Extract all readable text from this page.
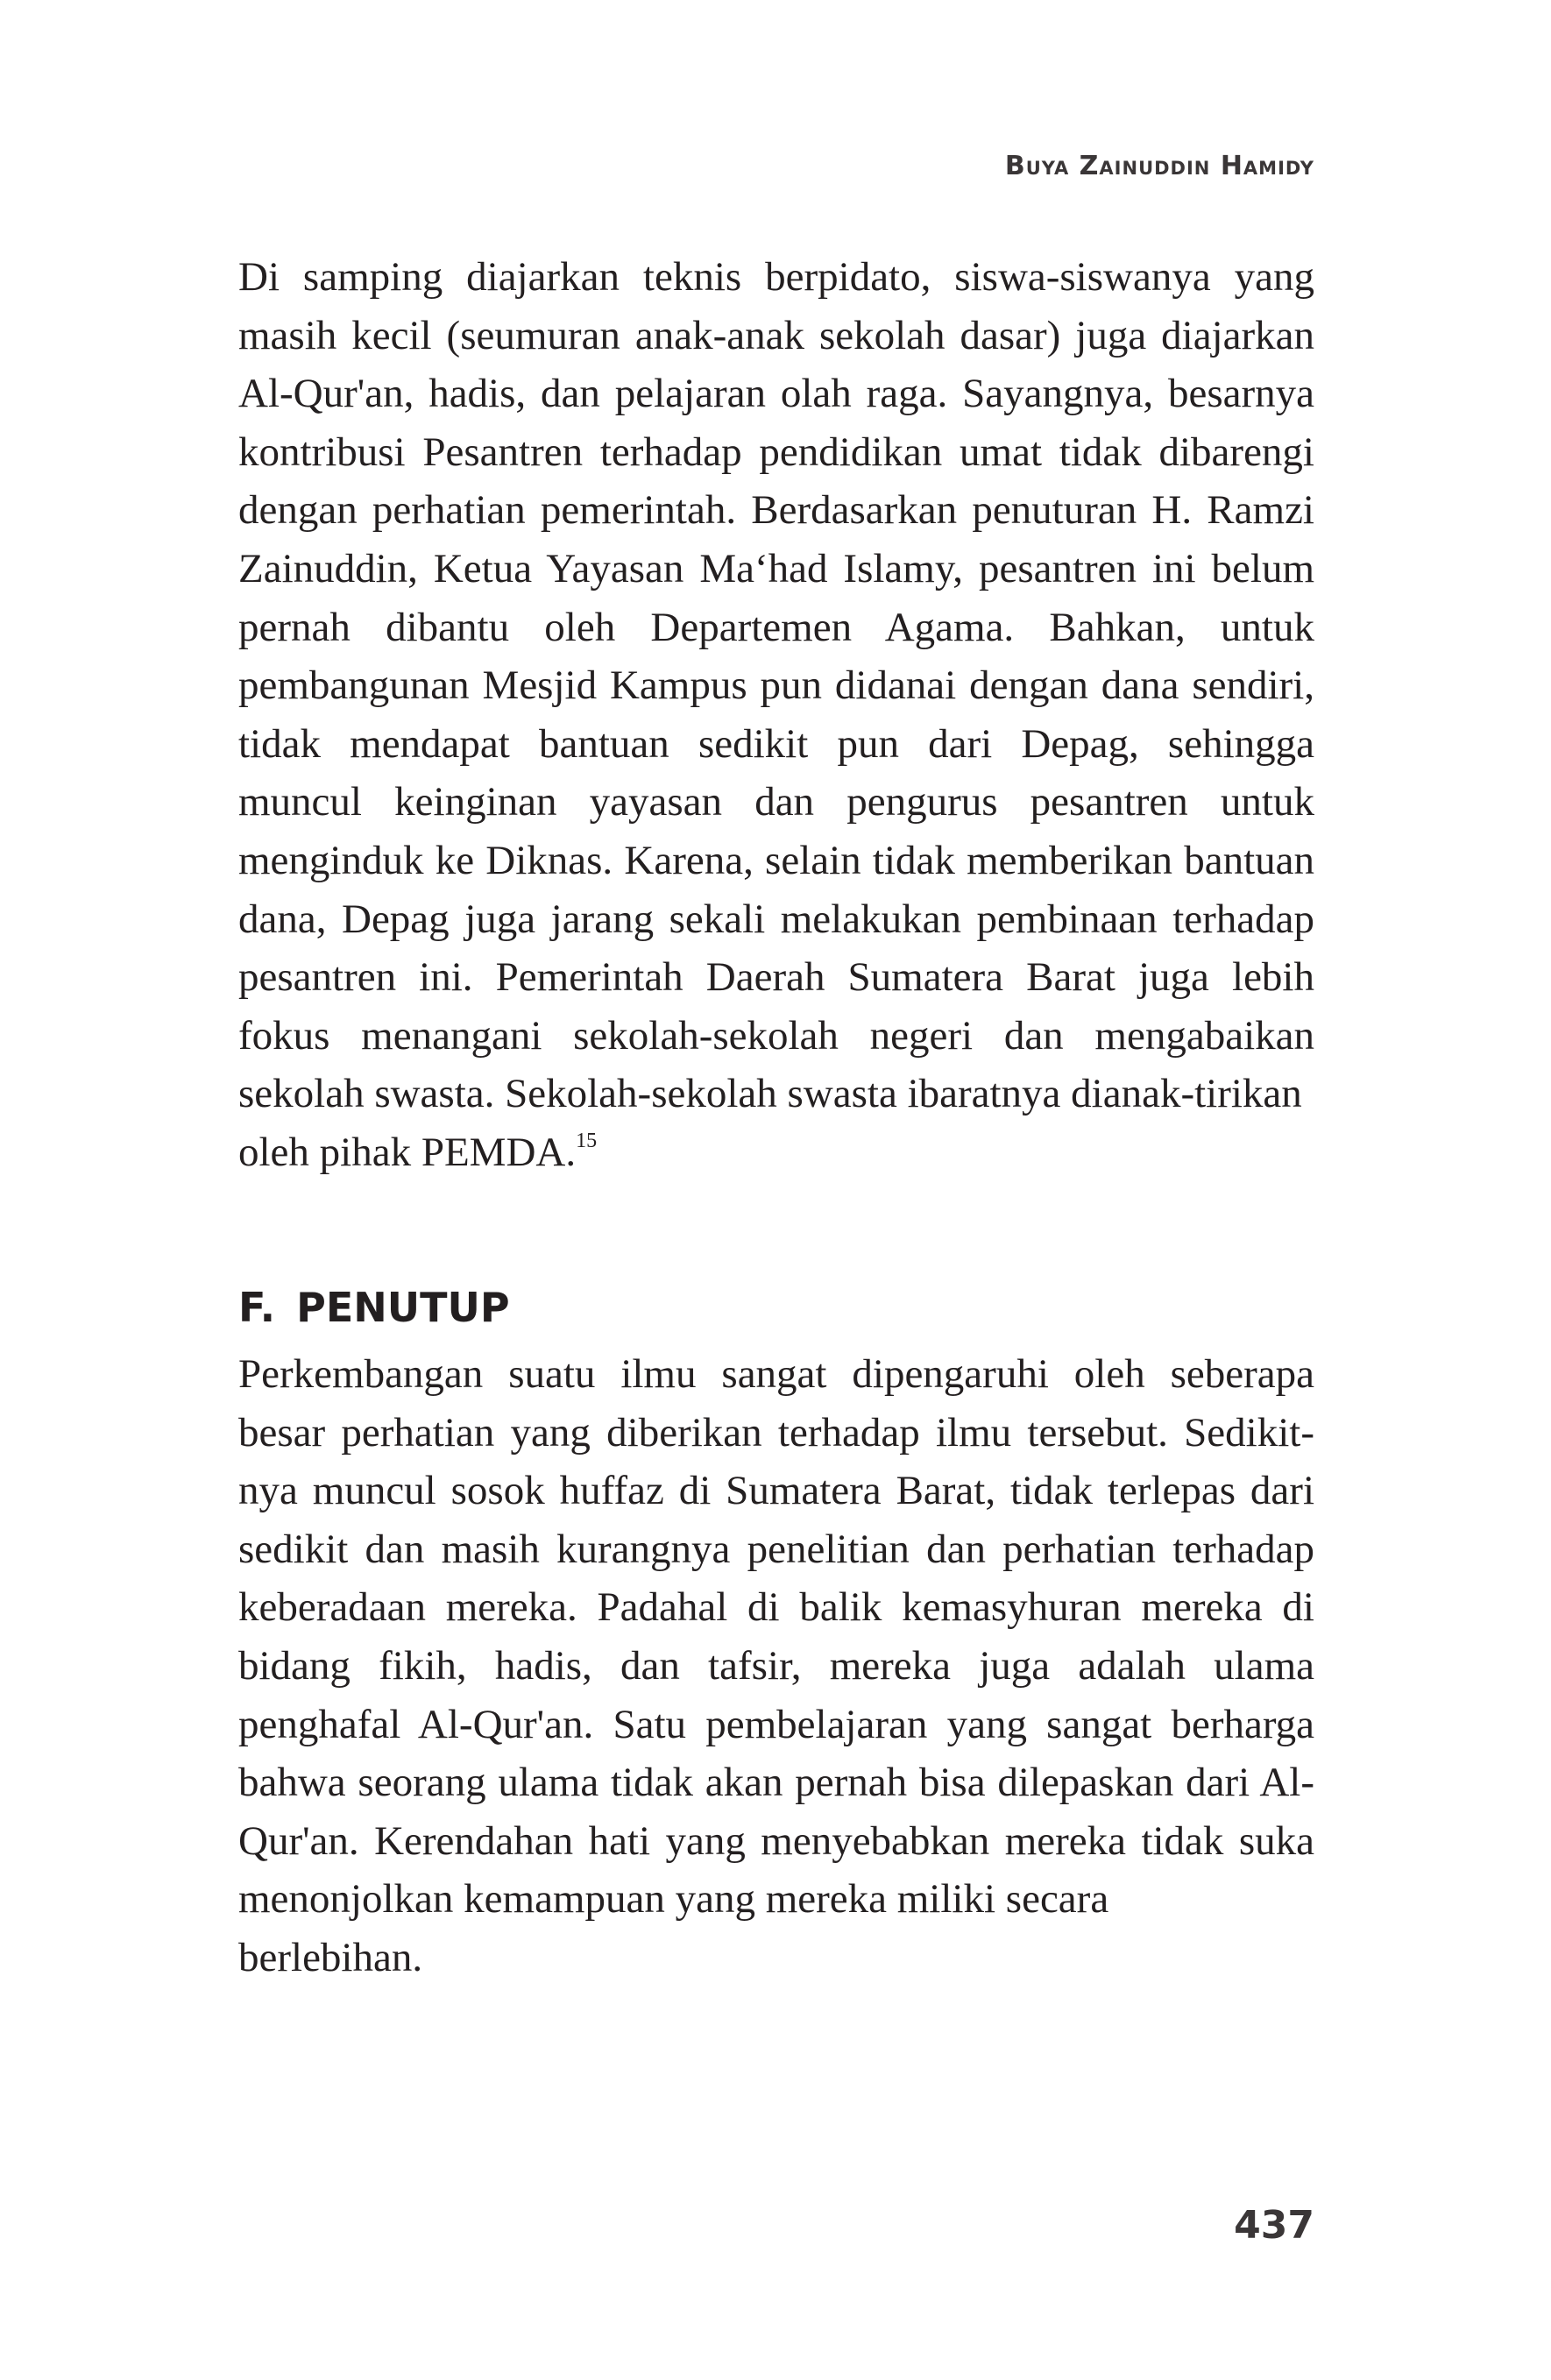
Buya Zainuddin Hamidy

Di samping diajarkan teknis berpidato, siswa-siswanya yang masih kecil (seumuran anak-anak sekolah dasar) juga diajarkan Al-Qur'an, hadis, dan pelajaran olah raga. Sayangnya, besarnya kontribusi Pesantren terhadap pendidikan umat tidak dibarengi dengan perhatian pemerintah. Berdasarkan penuturan H. Ramzi Zainuddin, Ketua Yayasan Ma‘had Islamy, pesantren ini belum pernah dibantu oleh Departemen Agama. Bahkan, untuk pembangunan Mesjid Kampus pun didanai dengan dana sendiri, tidak mendapat bantuan sedikit pun dari Depag, sehingga muncul keinginan yayasan dan pengurus pesantren untuk menginduk ke Diknas. Karena, selain tidak memberikan bantuan dana, Depag juga jarang sekali melakukan pembinaan terhadap pesantren ini. Pemerintah Daerah Sumatera Barat juga lebih fokus menangani sekolah-sekolah negeri dan mengabaikan sekolah swasta. Sekolah-sekolah swasta ibaratnya dianak-tirikan
oleh pihak PEMDA.$^{15}$

F. PENUTUP

Perkembangan suatu ilmu sangat dipengaruhi oleh seberapa besar perhatian yang diberikan terhadap ilmu tersebut. Sedikit-nya muncul sosok huffaz di Sumatera Barat, tidak terlepas dari sedikit dan masih kurangnya penelitian dan perhatian terhadap keberadaan mereka. Padahal di balik kemasyhuran mereka di bidang fikih, hadis, dan tafsir, mereka juga adalah ulama penghafal Al-Qur'an. Satu pembelajaran yang sangat berharga bahwa seorang ulama tidak akan pernah bisa dilepaskan dari Al-Qur'an. Kerendahan hati yang menyebabkan mereka tidak suka menonjolkan kemampuan yang mereka miliki secara
berlebihan.

437
